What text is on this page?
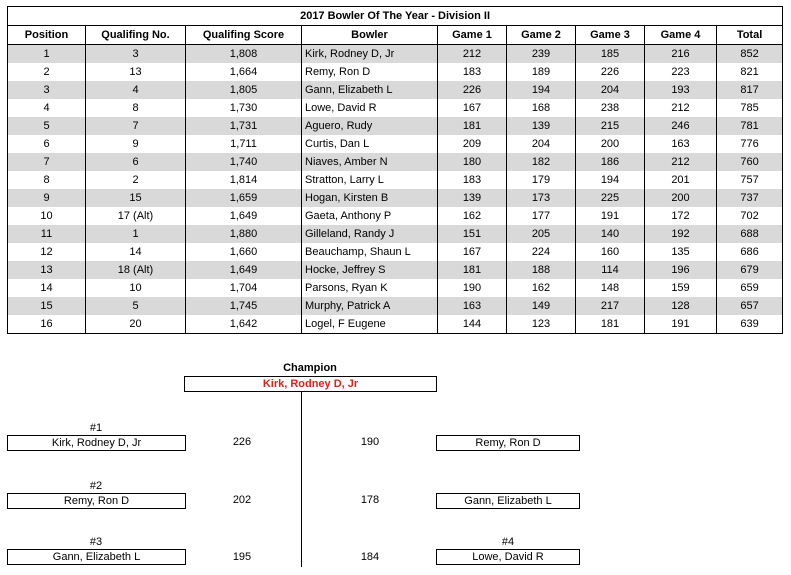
2017 Bowler Of The Year - Division II								
Position	Qualifing No.	Qualifing Score	Bowler	Game 1	Game 2	Game 3	Game 4	Total
1	3	1,808	Kirk, Rodney D, Jr	212	239	185	216	852
2	13	1,664	Remy, Ron D	183	189	226	223	821
3	4	1,805	Gann, Elizabeth L	226	194	204	193	817
4	8	1,730	Lowe, David R	167	168	238	212	785
5	7	1,731	Aguero, Rudy	181	139	215	246	781
6	9	1,711	Curtis, Dan L	209	204	200	163	776
7	6	1,740	Niaves, Amber N	180	182	186	212	760
8	2	1,814	Stratton, Larry L	183	179	194	201	757
9	15	1,659	Hogan, Kirsten B	139	173	225	200	737
10	17 (Alt)	1,649	Gaeta, Anthony P	162	177	191	172	702
11	1	1,880	Gilleland, Randy J	151	205	140	192	688
12	14	1,660	Beauchamp, Shaun L	167	224	160	135	686
13	18 (Alt)	1,649	Hocke, Jeffrey S	181	188	114	196	679
14	10	1,704	Parsons, Ryan K	190	162	148	159	659
15	5	1,745	Murphy, Patrick A	163	149	217	128	657
16	20	1,642	Logel, F Eugene	144	123	181	191	639
Champion
Kirk, Rodney D, Jr
#1
Kirk, Rodney D, Jr	226	190	Remy, Ron D
#2
Remy, Ron D	202	178	Gann, Elizabeth L
#3
Gann, Elizabeth L	195	184
#4
Lowe, David R
